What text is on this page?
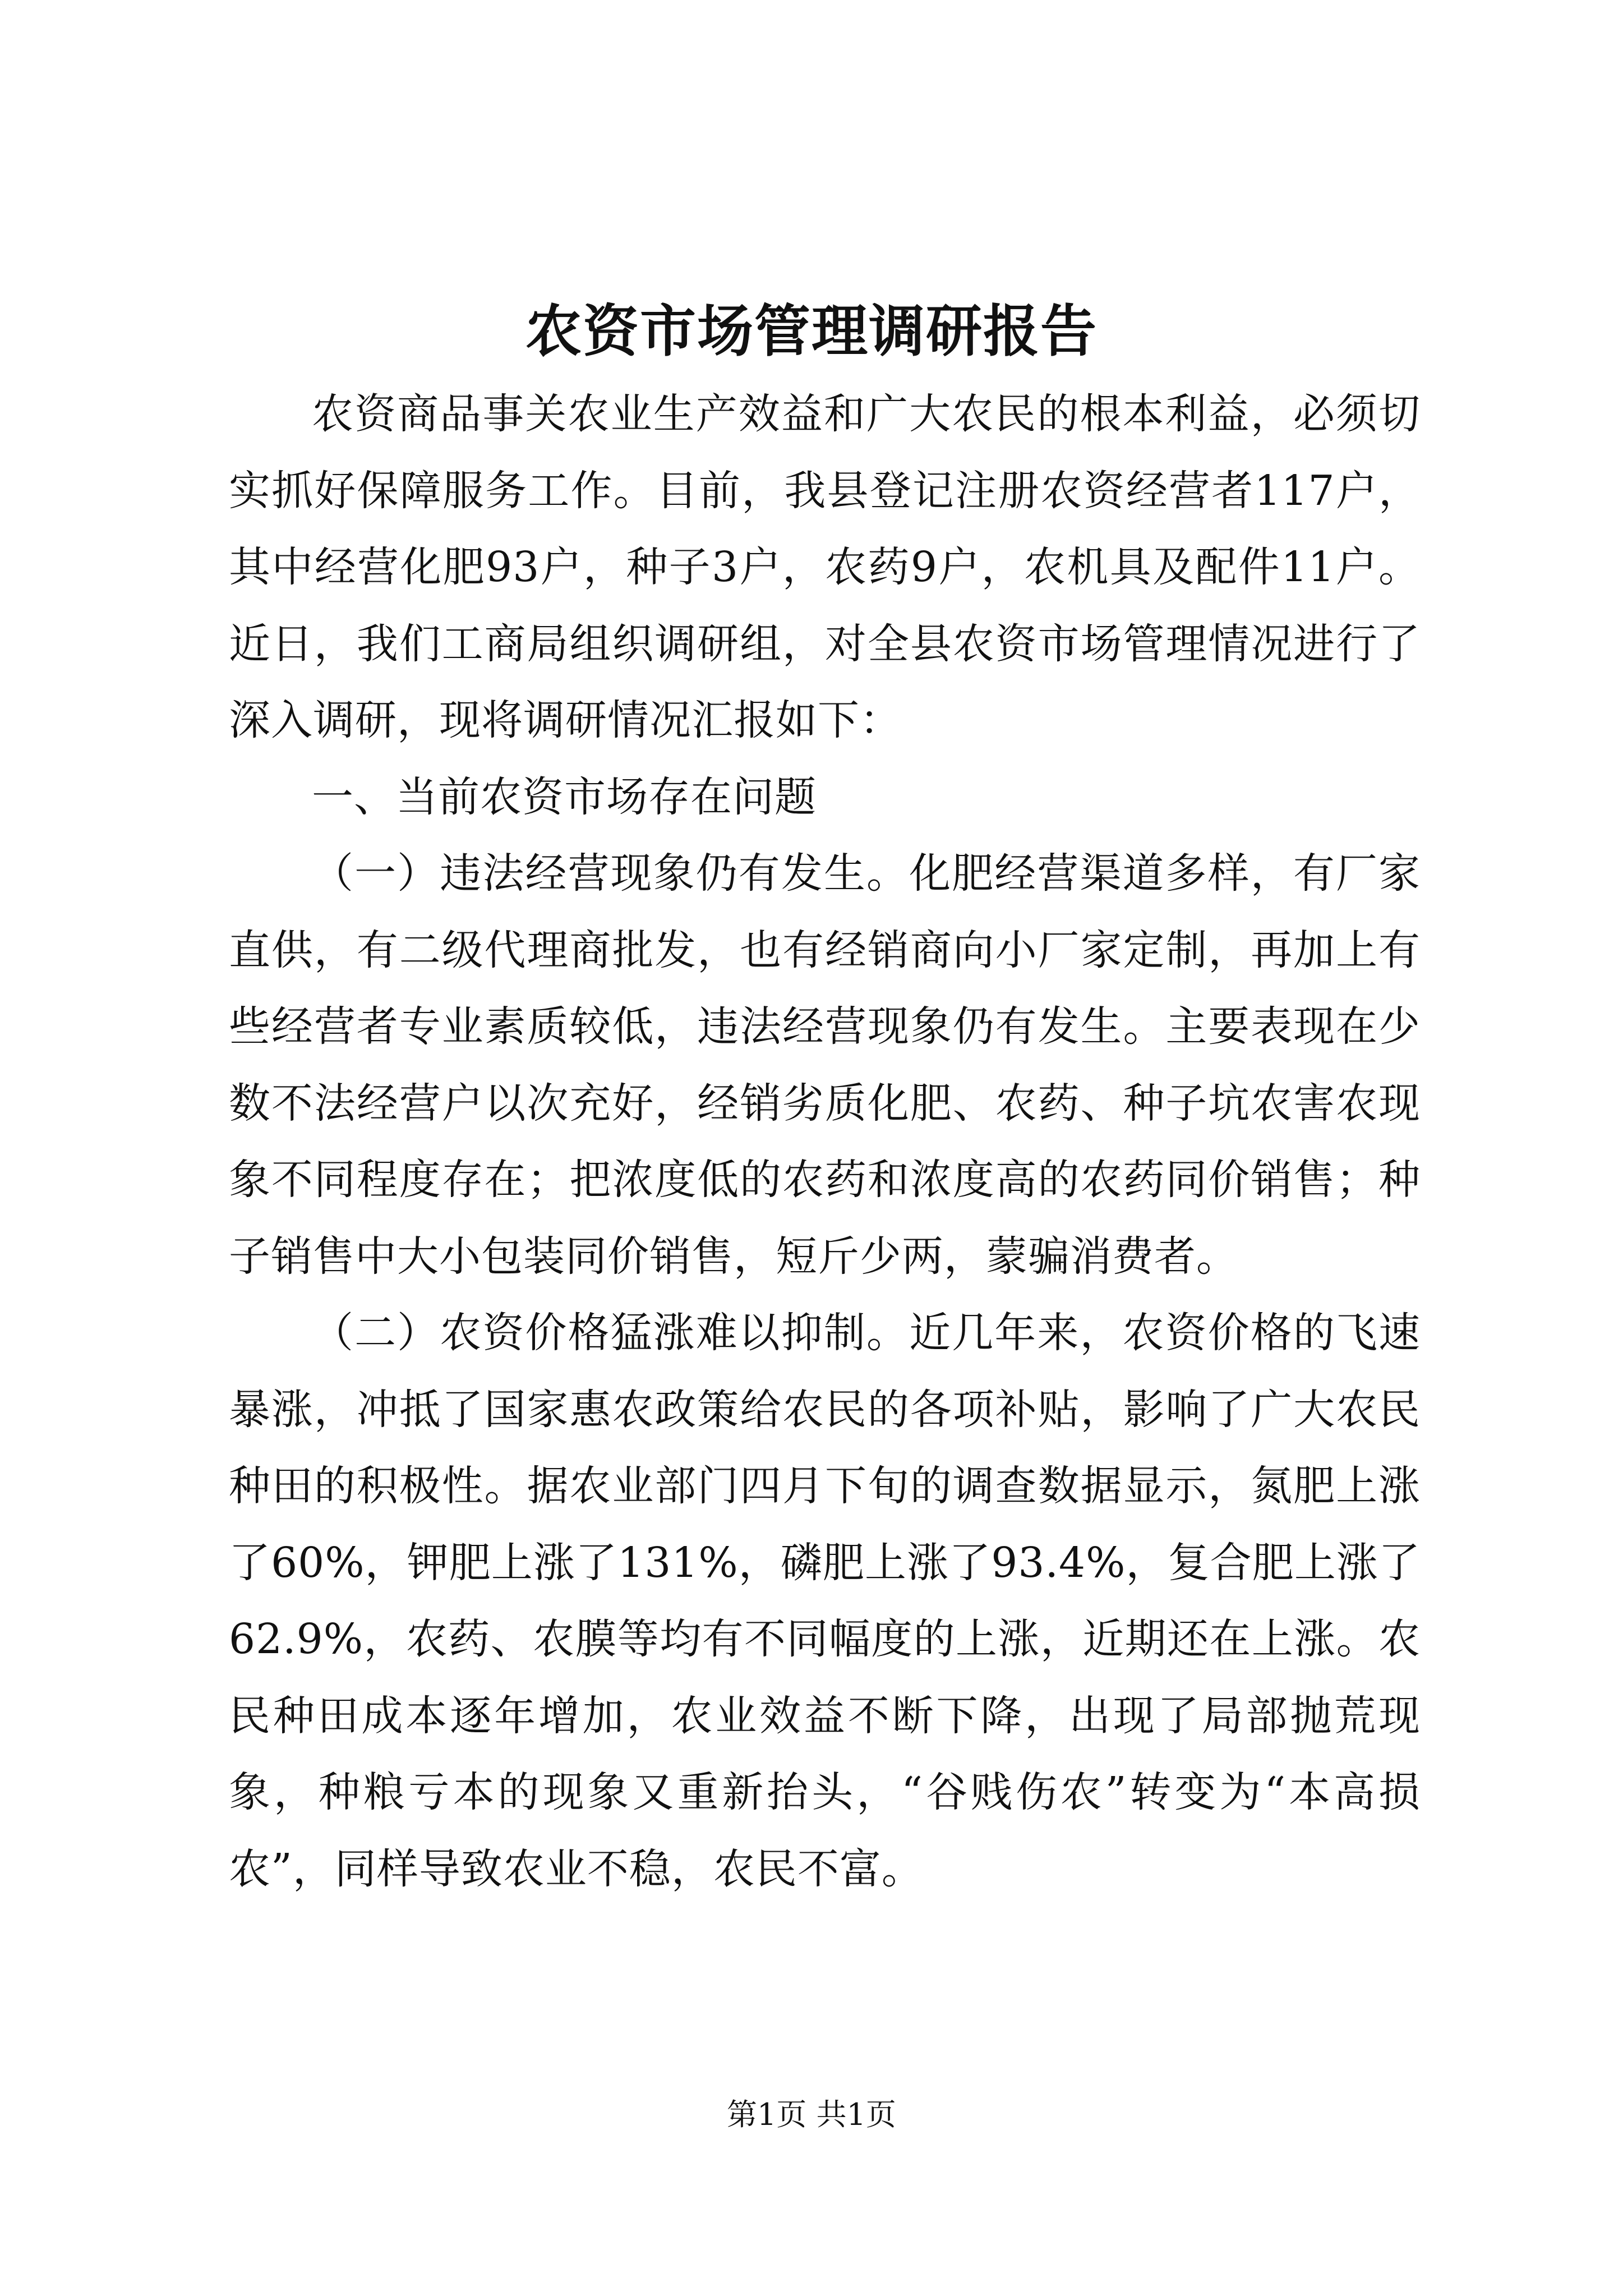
农资市场管理调研报告

农资商品事关农业生产效益和广大农民的根本利益，必须切实抓好保障服务工作。目前，我县登记注册农资经营者117户，其中经营化肥93户，种子3户，农药9户，农机具及配件11户。近日，我们工商局组织调研组，对全县农资市场管理情况进行了深入调研，现将调研情况汇报如下：

一、当前农资市场存在问题

（一）违法经营现象仍有发生。化肥经营渠道多样，有厂家直供，有二级代理商批发，也有经销商向小厂家定制，再加上有些经营者专业素质较低，违法经营现象仍有发生。主要表现在少数不法经营户以次充好，经销劣质化肥、农药、种子坑农害农现象不同程度存在；把浓度低的农药和浓度高的农药同价销售；种子销售中大小包装同价销售，短斤少两，蒙骗消费者。

（二）农资价格猛涨难以抑制。近几年来，农资价格的飞速暴涨，冲抵了国家惠农政策给农民的各项补贴，影响了广大农民种田的积极性。据农业部门四月下旬的调查数据显示，氮肥上涨了60%，钾肥上涨了131%，磷肥上涨了93.4%，复合肥上涨了62.9%，农药、农膜等均有不同幅度的上涨，近期还在上涨。农民种田成本逐年增加，农业效益不断下降，出现了局部抛荒现象，种粮亏本的现象又重新抬头，“谷贱伤农”转变为“本高损农”，同样导致农业不稳，农民不富。

第1页 共1页
